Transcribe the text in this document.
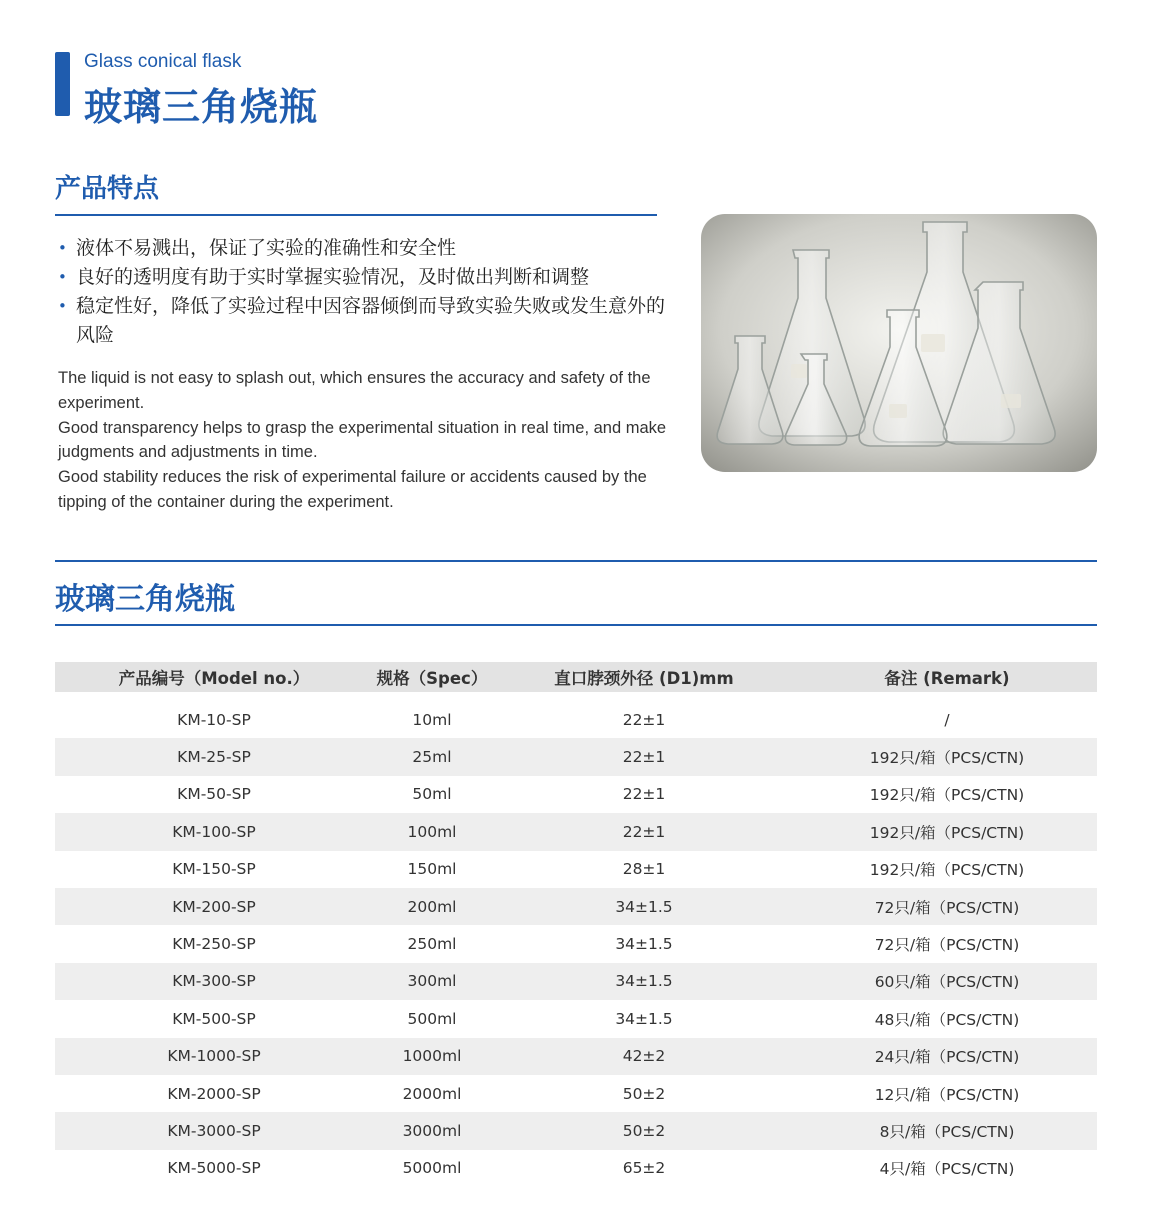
Glass conical flask
玻璃三角烧瓶
产品特点
• 液体不易溅出，保证了实验的准确性和安全性
• 良好的透明度有助于实时掌握实验情况，及时做出判断和调整
• 稳定性好，降低了实验过程中因容器倾倒而导致实验失败或发生意外的风险
The liquid is not easy to splash out, which ensures the accuracy and safety of the experiment.
Good transparency helps to grasp the experimental situation in real time, and make judgments and adjustments in time.
Good stability reduces the risk of experimental failure or accidents caused by the tipping of the container during the experiment.
玻璃三角烧瓶
产品编号（Model no.）	规格（Spec）	直口脖颈外径 (D1)mm	备注 (Remark)
KM-10-SP	10ml	22±1	/
KM-25-SP	25ml	22±1	192只/箱（PCS/CTN)
KM-50-SP	50ml	22±1	192只/箱（PCS/CTN)
KM-100-SP	100ml	22±1	192只/箱（PCS/CTN)
KM-150-SP	150ml	28±1	192只/箱（PCS/CTN)
KM-200-SP	200ml	34±1.5	72只/箱（PCS/CTN)
KM-250-SP	250ml	34±1.5	72只/箱（PCS/CTN)
KM-300-SP	300ml	34±1.5	60只/箱（PCS/CTN)
KM-500-SP	500ml	34±1.5	48只/箱（PCS/CTN)
KM-1000-SP	1000ml	42±2	24只/箱（PCS/CTN)
KM-2000-SP	2000ml	50±2	12只/箱（PCS/CTN)
KM-3000-SP	3000ml	50±2	8只/箱（PCS/CTN)
KM-5000-SP	5000ml	65±2	4只/箱（PCS/CTN)
